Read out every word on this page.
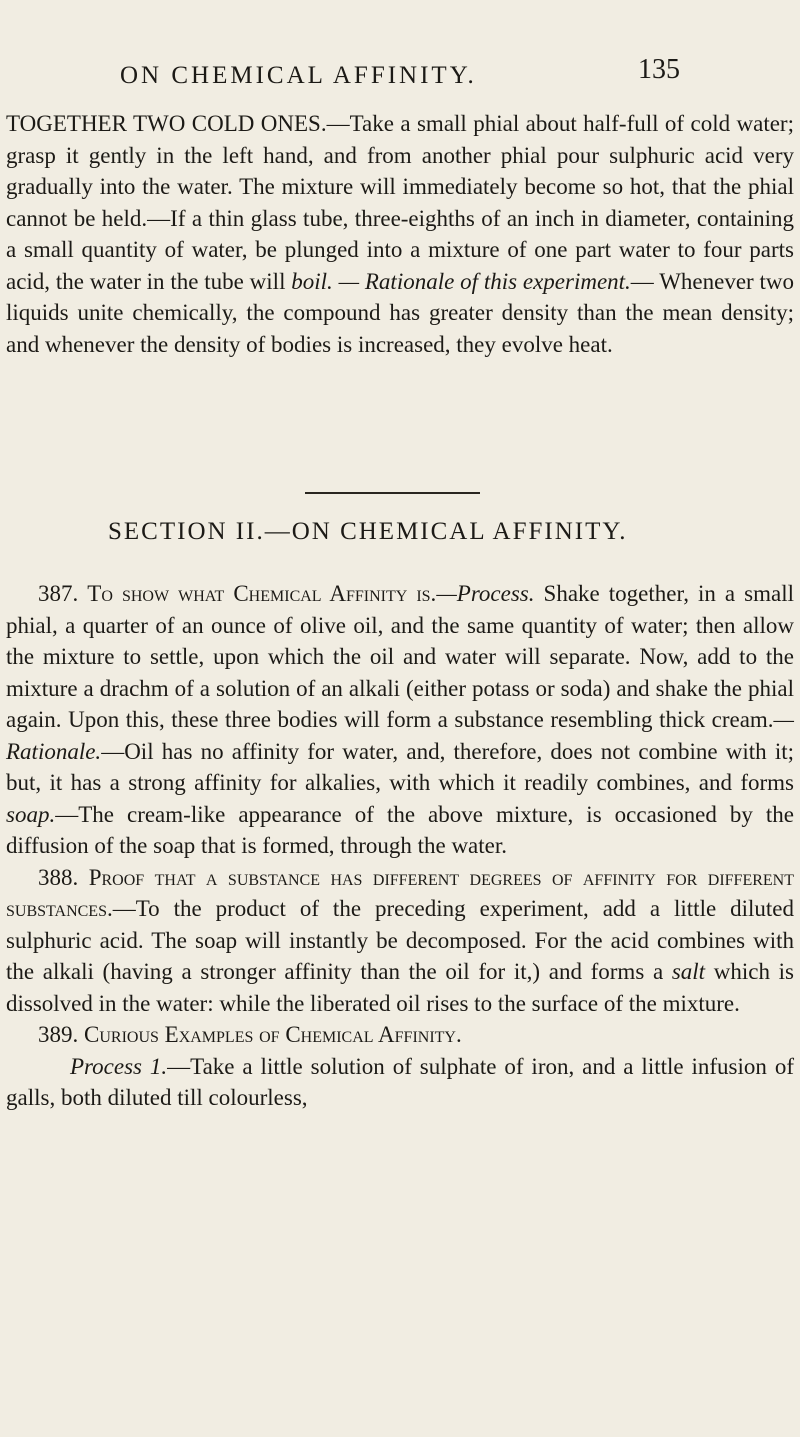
ON CHEMICAL AFFINITY.	135
TOGETHER TWO COLD ONES.—Take a small phial about half-full of cold water; grasp it gently in the left hand, and from another phial pour sulphuric acid very gradually into the water. The mixture will immediately become so hot, that the phial cannot be held.—If a thin glass tube, three-eighths of an inch in diameter, containing a small quantity of water, be plunged into a mixture of one part water to four parts acid, the water in the tube will boil. — Rationale of this experiment.— Whenever two liquids unite chemically, the compound has greater density than the mean density; and whenever the density of bodies is increased, they evolve heat.
SECTION II.—ON CHEMICAL AFFINITY.
387. To show what Chemical Affinity is.—Process. Shake together, in a small phial, a quarter of an ounce of olive oil, and the same quantity of water; then allow the mixture to settle, upon which the oil and water will separate. Now, add to the mixture a drachm of a solution of an alkali (either potass or soda) and shake the phial again. Upon this, these three bodies will form a substance resembling thick cream.—Rationale.—Oil has no affinity for water, and, therefore, does not combine with it; but, it has a strong affinity for alkalies, with which it readily combines, and forms soap.—The cream-like appearance of the above mixture, is occasioned by the diffusion of the soap that is formed, through the water.
388. Proof that a substance has different degrees of affinity for different substances.—To the product of the preceding experiment, add a little diluted sulphuric acid. The soap will instantly be decomposed. For the acid combines with the alkali (having a stronger affinity than the oil for it,) and forms a salt which is dissolved in the water: while the liberated oil rises to the surface of the mixture.
389. Curious Examples of Chemical Affinity.
Process 1.—Take a little solution of sulphate of iron, and a little infusion of galls, both diluted till colourless,
